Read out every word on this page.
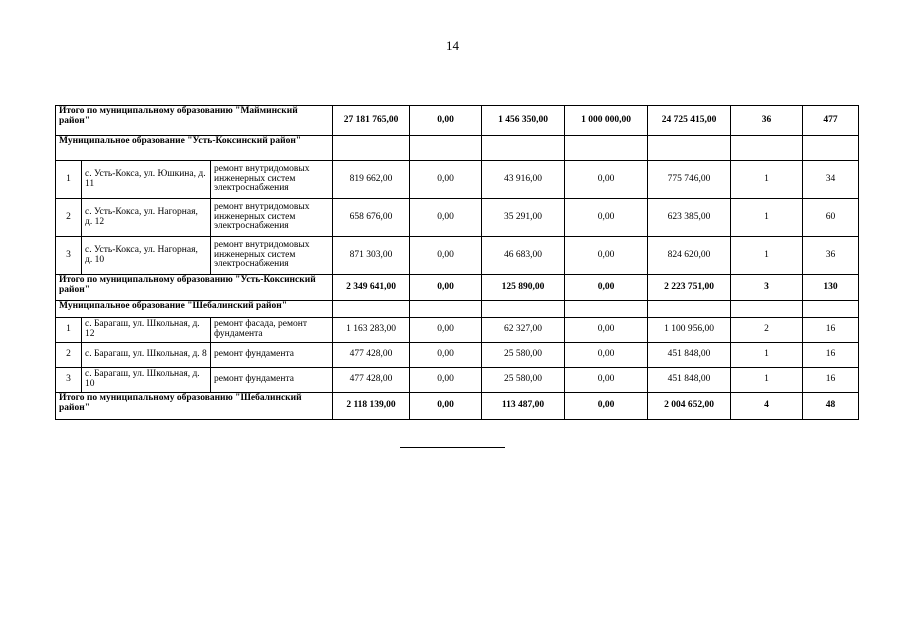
14
Итого по муниципальному образованию "Майминский район"			27 181 765,00	0,00	1 456 350,00	1 000 000,00	24 725 415,00	36	477
Муниципальное образование "Усть-Коксинский район"									
1	с. Усть-Кокса, ул. Юшкина, д. 11	ремонт внутридомовых инженерных систем электроснабжения	819 662,00	0,00	43 916,00	0,00	775 746,00	1	34
2	с. Усть-Кокса, ул. Нагорная, д. 12	ремонт внутридомовых инженерных систем электроснабжения	658 676,00	0,00	35 291,00	0,00	623 385,00	1	60
3	с. Усть-Кокса, ул. Нагорная, д. 10	ремонт внутридомовых инженерных систем электроснабжения	871 303,00	0,00	46 683,00	0,00	824 620,00	1	36
Итого по муниципальному образованию "Усть-Коксинский район"			2 349 641,00	0,00	125 890,00	0,00	2 223 751,00	3	130
Муниципальное образование "Шебалинский район"									
1	с. Барагаш, ул. Школьная, д. 12	ремонт фасада, ремонт фундамента	1 163 283,00	0,00	62 327,00	0,00	1 100 956,00	2	16
2	с. Барагаш, ул. Школьная, д. 8	ремонт фундамента	477 428,00	0,00	25 580,00	0,00	451 848,00	1	16
3	с. Барагаш, ул. Школьная, д. 10	ремонт фундамента	477 428,00	0,00	25 580,00	0,00	451 848,00	1	16
Итого по муниципальному образованию "Шебалинский район"			2 118 139,00	0,00	113 487,00	0,00	2 004 652,00	4	48
